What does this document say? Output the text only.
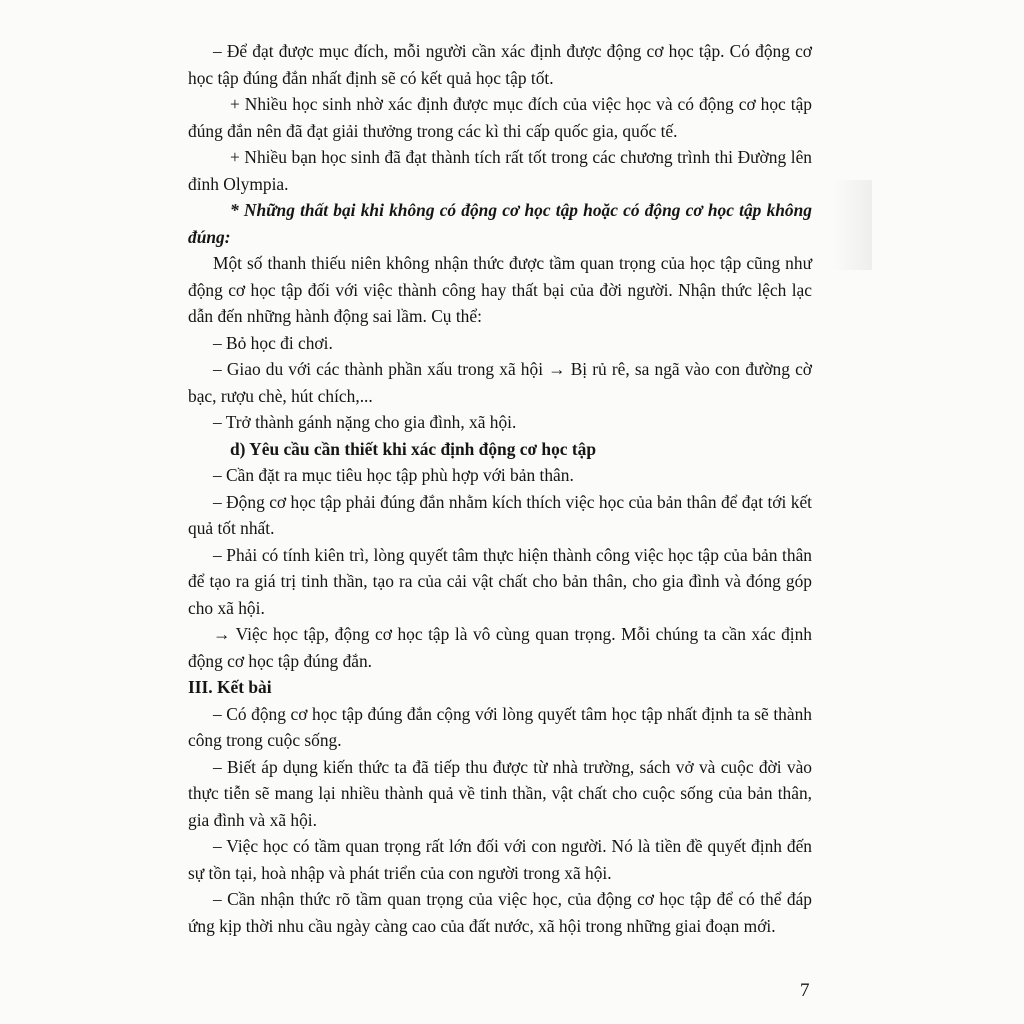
– Để đạt được mục đích, mỗi người cần xác định được động cơ học tập. Có động cơ học tập đúng đắn nhất định sẽ có kết quả học tập tốt.

+ Nhiều học sinh nhờ xác định được mục đích của việc học và có động cơ học tập đúng đắn nên đã đạt giải thưởng trong các kì thi cấp quốc gia, quốc tế.

+ Nhiều bạn học sinh đã đạt thành tích rất tốt trong các chương trình thi Đường lên đỉnh Olympia.

* Những thất bại khi không có động cơ học tập hoặc có động cơ học tập không đúng:

Một số thanh thiếu niên không nhận thức được tầm quan trọng của học tập cũng như động cơ học tập đối với việc thành công hay thất bại của đời người. Nhận thức lệch lạc dẫn đến những hành động sai lầm. Cụ thể:

– Bỏ học đi chơi.

– Giao du với các thành phần xấu trong xã hội → Bị rủ rê, sa ngã vào con đường cờ bạc, rượu chè, hút chích,...

– Trở thành gánh nặng cho gia đình, xã hội.

d) Yêu cầu cần thiết khi xác định động cơ học tập

– Cần đặt ra mục tiêu học tập phù hợp với bản thân.

– Động cơ học tập phải đúng đắn nhằm kích thích việc học của bản thân để đạt tới kết quả tốt nhất.

– Phải có tính kiên trì, lòng quyết tâm thực hiện thành công việc học tập của bản thân để tạo ra giá trị tinh thần, tạo ra của cải vật chất cho bản thân, cho gia đình và đóng góp cho xã hội.

→ Việc học tập, động cơ học tập là vô cùng quan trọng. Mỗi chúng ta cần xác định động cơ học tập đúng đắn.

III. Kết bài

– Có động cơ học tập đúng đắn cộng với lòng quyết tâm học tập nhất định ta sẽ thành công trong cuộc sống.

– Biết áp dụng kiến thức ta đã tiếp thu được từ nhà trường, sách vở và cuộc đời vào thực tiễn sẽ mang lại nhiều thành quả về tinh thần, vật chất cho cuộc sống của bản thân, gia đình và xã hội.

– Việc học có tầm quan trọng rất lớn đối với con người. Nó là tiền đề quyết định đến sự tồn tại, hoà nhập và phát triển của con người trong xã hội.

– Cần nhận thức rõ tầm quan trọng của việc học, của động cơ học tập để có thể đáp ứng kịp thời nhu cầu ngày càng cao của đất nước, xã hội trong những giai đoạn mới.

7
